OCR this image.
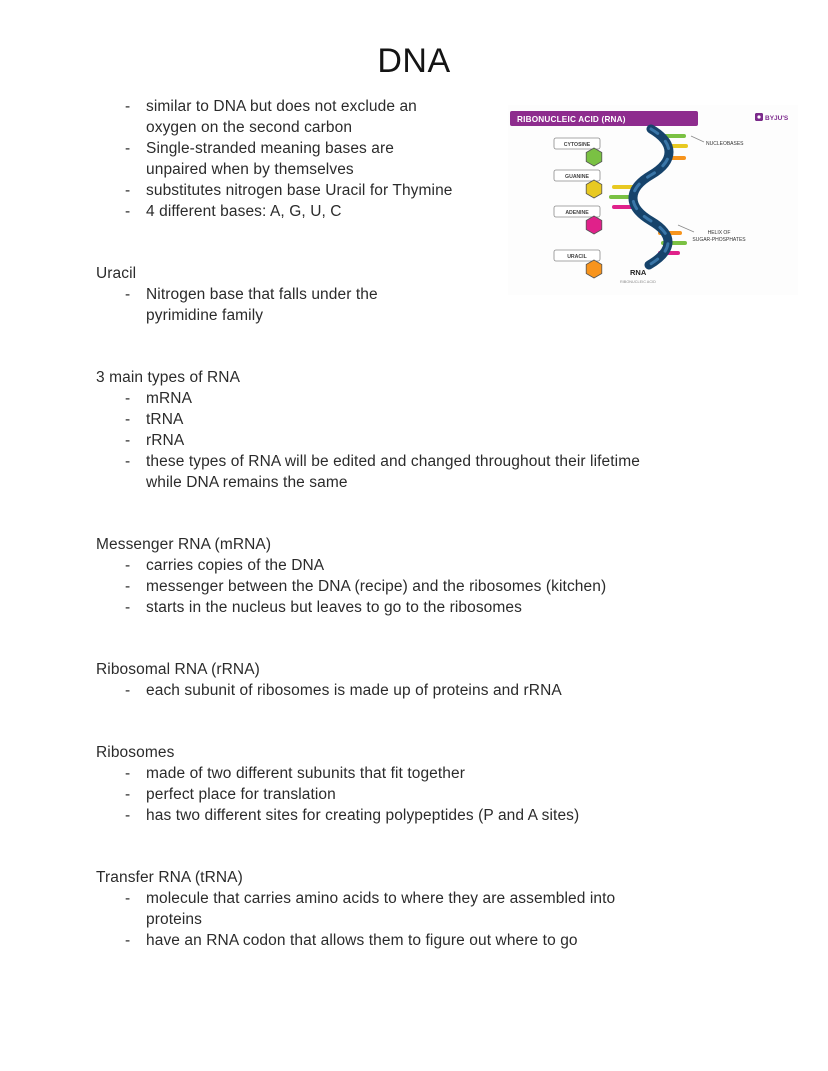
DNA
RIBONUCLEIC ACID (RNA)	BYJU'S
CYTOSINE
GUANINE
ADENINE
URACIL
NUCLEOBASES
HELIX OF
SUGAR-PHOSPHATES
RNA
RIBONUCLEIC ACID
-	similar to DNA but does not exclude an oxygen on the second carbon
-	Single-stranded meaning bases are unpaired when by themselves
-	substitutes nitrogen base Uracil for Thymine
-	4 different bases: A, G, U, C
Uracil
-	Nitrogen base that falls under the pyrimidine family
3 main types of RNA
-	mRNA
-	tRNA
-	rRNA
-	these types of RNA will be edited and changed throughout their lifetime while DNA remains the same
Messenger RNA (mRNA)
-	carries copies of the DNA
-	messenger between the DNA (recipe) and the ribosomes (kitchen)
-	starts in the nucleus but leaves to go to the ribosomes
Ribosomal RNA (rRNA)
-	each subunit of ribosomes is made up of proteins and rRNA
Ribosomes
-	made of two different subunits that fit together
-	perfect place for translation
-	has two different sites for creating polypeptides (P and A sites)
Transfer RNA (tRNA)
-	molecule that carries amino acids to where they are assembled into proteins
-	have an RNA codon that allows them to figure out where to go
